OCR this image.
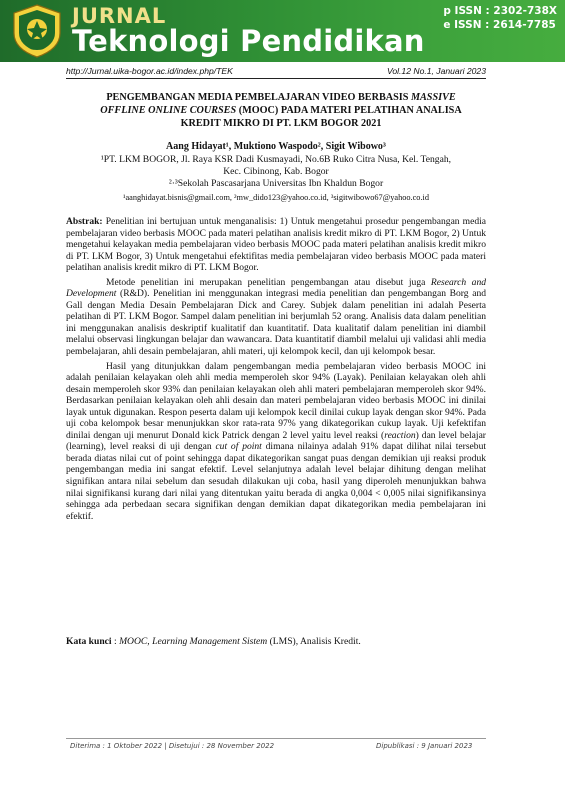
JURNAL
Teknologi Pendidikan
p ISSN : 2302-738X
e ISSN : 2614-7785
http://Jurnal.uika-bogor.ac.id/index.php/TEK	Vol.12 No.1, Januari 2023
PENGEMBANGAN MEDIA PEMBELAJARAN VIDEO BERBASIS MASSIVE
OFFLINE ONLINE COURSES (MOOC) PADA MATERI PELATIHAN ANALISA
KREDIT MIKRO DI PT. LKM BOGOR 2021
Aang Hidayat¹, Muktiono Waspodo², Sigit Wibowo³
¹PT. LKM BOGOR, Jl. Raya KSR Dadi Kusmayadi, No.6B Ruko Citra Nusa, Kel. Tengah,
Kec. Cibinong, Kab. Bogor
²·³Sekolah Pascasarjana Universitas Ibn Khaldun Bogor
¹aanghidayat.bisnis@gmail.com, ²mw_dido123@yahoo.co.id, ³sigitwibowo67@yahoo.co.id

Abstrak: Penelitian ini bertujuan untuk menganalisis: 1) Untuk mengetahui prosedur pengembangan media pembelajaran video berbasis MOOC pada materi pelatihan analisis kredit mikro di PT. LKM Bogor, 2) Untuk mengetahui kelayakan media pembelajaran video berbasis MOOC pada materi pelatihan analisis kredit mikro di PT. LKM Bogor, 3) Untuk mengetahui efektifitas media pembelajaran video berbasis MOOC pada materi pelatihan analisis kredit mikro di PT. LKM Bogor.

Metode penelitian ini merupakan penelitian pengembangan atau disebut juga Research and Development (R&D). Penelitian ini menggunakan integrasi media penelitian dan pengembangan Borg and Gall dengan Media Desain Pembelajaran Dick and Carey. Subjek dalam penelitian ini adalah Peserta pelatihan di PT. LKM Bogor. Sampel dalam penelitian ini berjumlah 52 orang. Analisis data dalam penelitian ini menggunakan analisis deskriptif kualitatif dan kuantitatif. Data kualitatif dalam penelitian ini diambil melalui observasi lingkungan belajar dan wawancara. Data kuantitatif diambil melalui uji validasi ahli media pembelajaran, ahli desain pembelajaran, ahli materi, uji kelompok kecil, dan uji kelompok besar.

Hasil yang ditunjukkan dalam pengembangan media pembelajaran video berbasis MOOC ini adalah penilaian kelayakan oleh ahli media memperoleh skor 94% (Layak). Penilaian kelayakan oleh ahli desain memperoleh skor 93% dan penilaian kelayakan oleh ahli materi pembelajaran memperoleh skor 94%. Berdasarkan penilaian kelayakan oleh ahli desain dan materi pembelajaran video berbasis MOOC ini dinilai layak untuk digunakan. Respon peserta dalam uji kelompok kecil dinilai cukup layak dengan skor 94%. Pada uji coba kelompok besar menunjukkan skor rata-rata 97% yang dikategorikan cukup layak. Uji kefektifan dinilai dengan uji menurut Donald kick Patrick dengan 2 level yaitu level reaksi (reaction) dan level belajar (learning), level reaksi di uji dengan cut of point dimana nilainya adalah 91% dapat dilihat nilai tersebut berada diatas nilai cut of point sehingga dapat dikategorikan sangat puas dengan demikian uji reaksi produk pengembangan media ini sangat efektif. Level selanjutnya adalah level belajar dihitung dengan melihat signifikan antara nilai sebelum dan sesudah dilakukan uji coba, hasil yang diperoleh menunjukkan bahwa nilai signifikansi kurang dari nilai yang ditentukan yaitu berada di angka 0,004 < 0,005 nilai signifikansinya sehingga ada perbedaan secara signifikan dengan demikian dapat dikategorikan media pembelajaran ini efektif.

Kata kunci : MOOC, Learning Management Sistem (LMS), Analisis Kredit.
Diterima : 1 Oktober 2022 | Disetujui : 28 November 2022	Dipublikasi : 9 Januari 2023
